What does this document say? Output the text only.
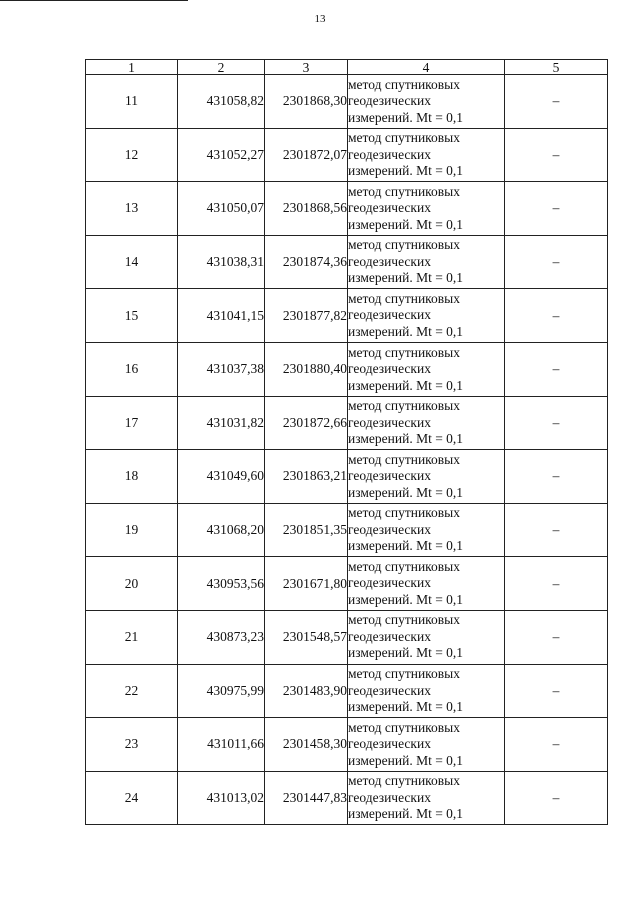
13
1	2	3	4	5
11	431058,82	2301868,30	метод спутниковых
геодезических
измерений. Mt = 0,1	–
12	431052,27	2301872,07	метод спутниковых
геодезических
измерений. Mt = 0,1	–
13	431050,07	2301868,56	метод спутниковых
геодезических
измерений. Mt = 0,1	–
14	431038,31	2301874,36	метод спутниковых
геодезических
измерений. Mt = 0,1	–
15	431041,15	2301877,82	метод спутниковых
геодезических
измерений. Mt = 0,1	–
16	431037,38	2301880,40	метод спутниковых
геодезических
измерений. Mt = 0,1	–
17	431031,82	2301872,66	метод спутниковых
геодезических
измерений. Mt = 0,1	–
18	431049,60	2301863,21	метод спутниковых
геодезических
измерений. Mt = 0,1	–
19	431068,20	2301851,35	метод спутниковых
геодезических
измерений. Mt = 0,1	–
20	430953,56	2301671,80	метод спутниковых
геодезических
измерений. Mt = 0,1	–
21	430873,23	2301548,57	метод спутниковых
геодезических
измерений. Mt = 0,1	–
22	430975,99	2301483,90	метод спутниковых
геодезических
измерений. Mt = 0,1	–
23	431011,66	2301458,30	метод спутниковых
геодезических
измерений. Mt = 0,1	–
24	431013,02	2301447,83	метод спутниковых
геодезических
измерений. Mt = 0,1	–
